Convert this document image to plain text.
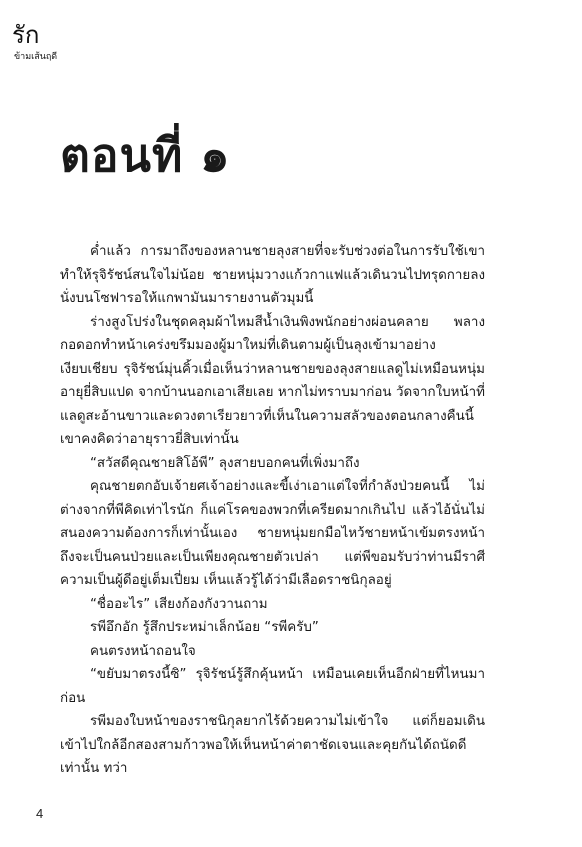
รัก
ข้ามเส้นฤดี
ตอนที่ ๑

ค่ำแล้ว การมาถึงของหลานชายลุงสายที่จะรับช่วงต่อในการรับใช้เขาทำให้รุจิรัชน์สนใจไม่น้อย ชายหนุ่มวางแก้วกาแฟแล้วเดินวนไปทรุดกายลงนั่งบนโซฟารอให้แกพามันมารายงานตัวมุมนี้

ร่างสูงโปร่งในชุดคลุมผ้าไหมสีน้ำเงินพิงพนักอย่างผ่อนคลาย พลางกอดอกทำหน้าเคร่งขรึมมองผู้มาใหม่ที่เดินตามผู้เป็นลุงเข้ามาอย่างเงียบเชียบ รุจิรัชน์มุ่นคิ้วเมื่อเห็นว่าหลานชายของลุงสายแลดูไม่เหมือนหนุ่มอายุยี่สิบแปด จากบ้านนอกเอาเสียเลย หากไม่ทราบมาก่อน วัดจากใบหน้าที่แลดูสะอ้านขาวและดวงตาเรียวยาวที่เห็นในความสลัวของตอนกลางคืนนี้ เขาคงคิดว่าอายุราวยี่สิบเท่านั้น

“สวัสดีคุณชายสิโอ้พี” ลุงสายบอกคนที่เพิ่งมาถึง

คุณชายตกอับเจ้ายศเจ้าอย่างและขี้เง่าเอาแต่ใจที่กำลังป่วยคนนี้ ไม่ต่างจากที่พีคิดเท่าไรนัก ก็แค่โรคของพวกที่เครียดมากเกินไป แล้วไอ้นั่นไม่สนองความต้องการก็เท่านั้นเอง ชายหนุ่มยกมือไหว้ชายหน้าเข้มตรงหน้า ถึงจะเป็นคนป่วยและเป็นเพียงคุณชายตัวเปล่า แต่พีขอมรับว่าท่านมีราศีความเป็นผู้ดีอยู่เต็มเปี่ยม เห็นแล้วรู้ได้ว่ามีเลือดราชนิกุลอยู่

“ชื่ออะไร” เสียงก้องกังวานถาม

รพีอึกอัก รู้สึกประหม่าเล็กน้อย “รพีครับ”

คนตรงหน้าถอนใจ

“ขยับมาตรงนี้ซิ” รุจิรัชน์รู้สึกคุ้นหน้า เหมือนเคยเห็นอีกฝ่ายที่ไหนมาก่อน

รพีมองใบหน้าของราชนิกุลยากไร้ด้วยความไม่เข้าใจ แต่ก็ยอมเดินเข้าไปใกล้อีกสองสามก้าวพอให้เห็นหน้าค่าตาชัดเจนและคุยกันได้ถนัดดีเท่านั้น ทว่า

4
